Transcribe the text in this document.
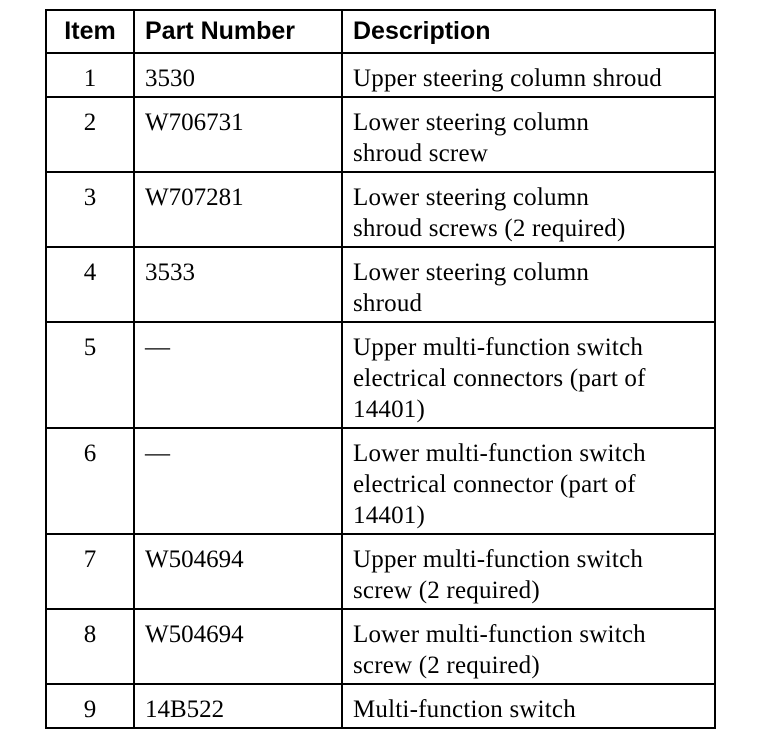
Item	Part Number	Description
1	3530	Upper steering column shroud

2	W706731	Lower steering column
shroud screw

3	W707281	Lower steering column
shroud screws (2 required)

4	3533	Lower steering column
shroud

5	—	Upper multi-function switch
electrical connectors (part of
14401)

6	—	Lower multi-function switch
electrical connector (part of
14401)

7	W504694	Upper multi-function switch
screw (2 required)

8	W504694	Lower multi-function switch
screw (2 required)

9	14B522	Multi-function switch
